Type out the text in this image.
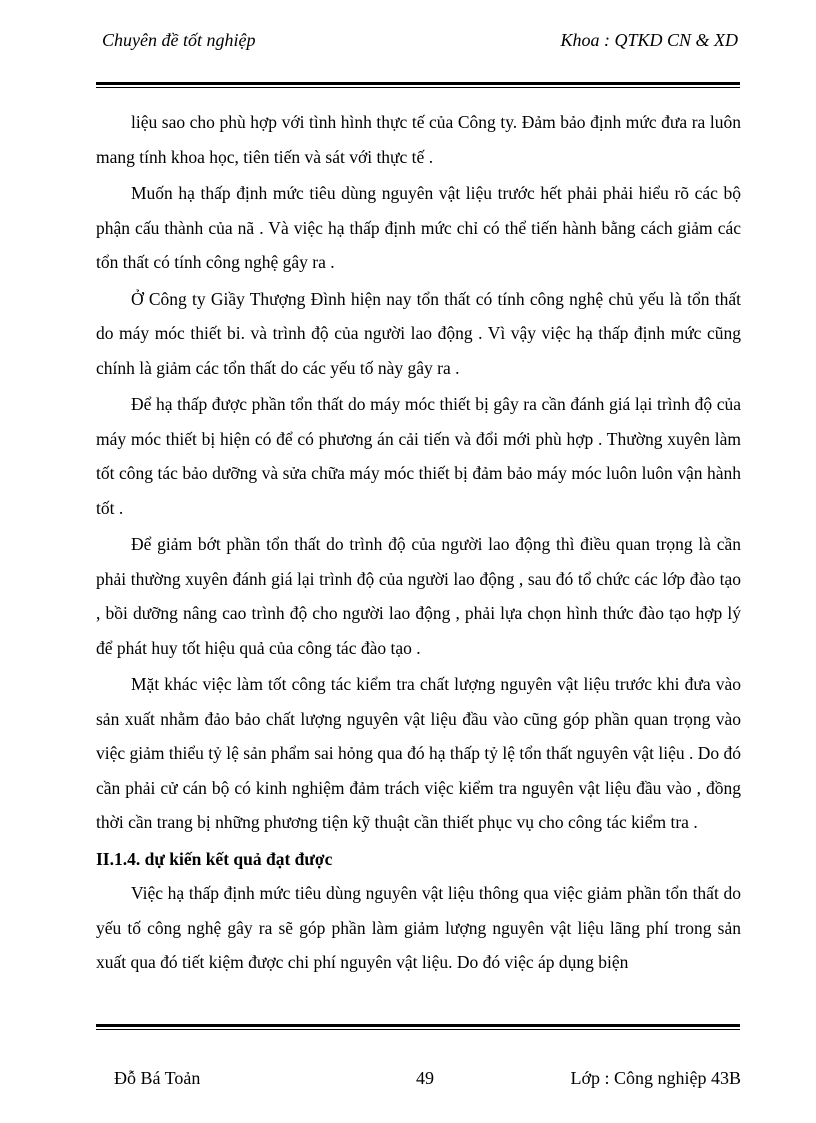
Chuyên đề tốt nghiệp	Khoa : QTKD CN & XD

liệu sao cho phù hợp với tình hình thực tế của Công ty. Đảm bảo định mức đưa ra luôn mang tính khoa học, tiên tiến và sát với thực tế .

Muốn hạ thấp định mức tiêu dùng nguyên vật liệu trước hết phải phải hiểu rõ các bộ phận cấu thành của nã . Và việc hạ thấp định mức chỉ có thể tiến hành bằng cách giảm các tổn thất có tính công nghệ gây ra .

Ở Công ty Giầy Thượng Đình hiện nay tổn thất có tính công nghệ chủ yếu là tổn thất do máy móc thiết bi. và trình độ của người lao động . Vì vậy việc hạ thấp định mức cũng chính là giảm các tổn thất do các yếu tố này gây ra .

Để hạ thấp được phần tổn thất do máy móc thiết bị gây ra cần đánh giá lại trình độ của máy móc thiết bị hiện có để có phương án cải tiến và đổi mới phù hợp . Thường xuyên làm tốt công tác bảo dưỡng và sửa chữa máy móc thiết bị đảm bảo máy móc luôn luôn vận hành tốt .

Để giảm bớt phần tổn thất do trình độ của người lao động thì điều quan trọng là cần phải thường xuyên đánh giá lại trình độ của người lao động , sau đó tổ chức các lớp đào tạo , bồi dưỡng nâng cao trình độ cho người lao động , phải lựa chọn hình thức đào tạo hợp lý để phát huy tốt hiệu quả của công tác đào tạo .

Mặt khác việc làm tốt công tác kiểm tra chất lượng nguyên vật liệu trước khi đưa vào sản xuất nhằm đảo bảo chất lượng nguyên vật liệu đầu vào cũng góp phần quan trọng vào việc giảm thiểu tỷ lệ sản phẩm sai hỏng qua đó hạ thấp tỷ lệ tổn thất nguyên vật liệu . Do đó cần phải cử cán bộ có kinh nghiệm đảm trách việc kiểm tra nguyên vật liệu đầu vào , đồng thời cần trang bị những phương tiện kỹ thuật cần thiết phục vụ cho công tác kiểm tra .

II.1.4. dự kiến kết quả đạt được

Việc hạ thấp định mức tiêu dùng nguyên vật liệu thông qua việc giảm phần tổn thất do yếu tố công nghệ gây ra sẽ góp phần làm giảm lượng nguyên vật liệu lãng phí trong sản xuất qua đó tiết kiệm được chi phí nguyên vật liệu. Do đó việc áp dụng biện

Đỗ Bá Toản	49	Lớp : Công nghiệp 43B
